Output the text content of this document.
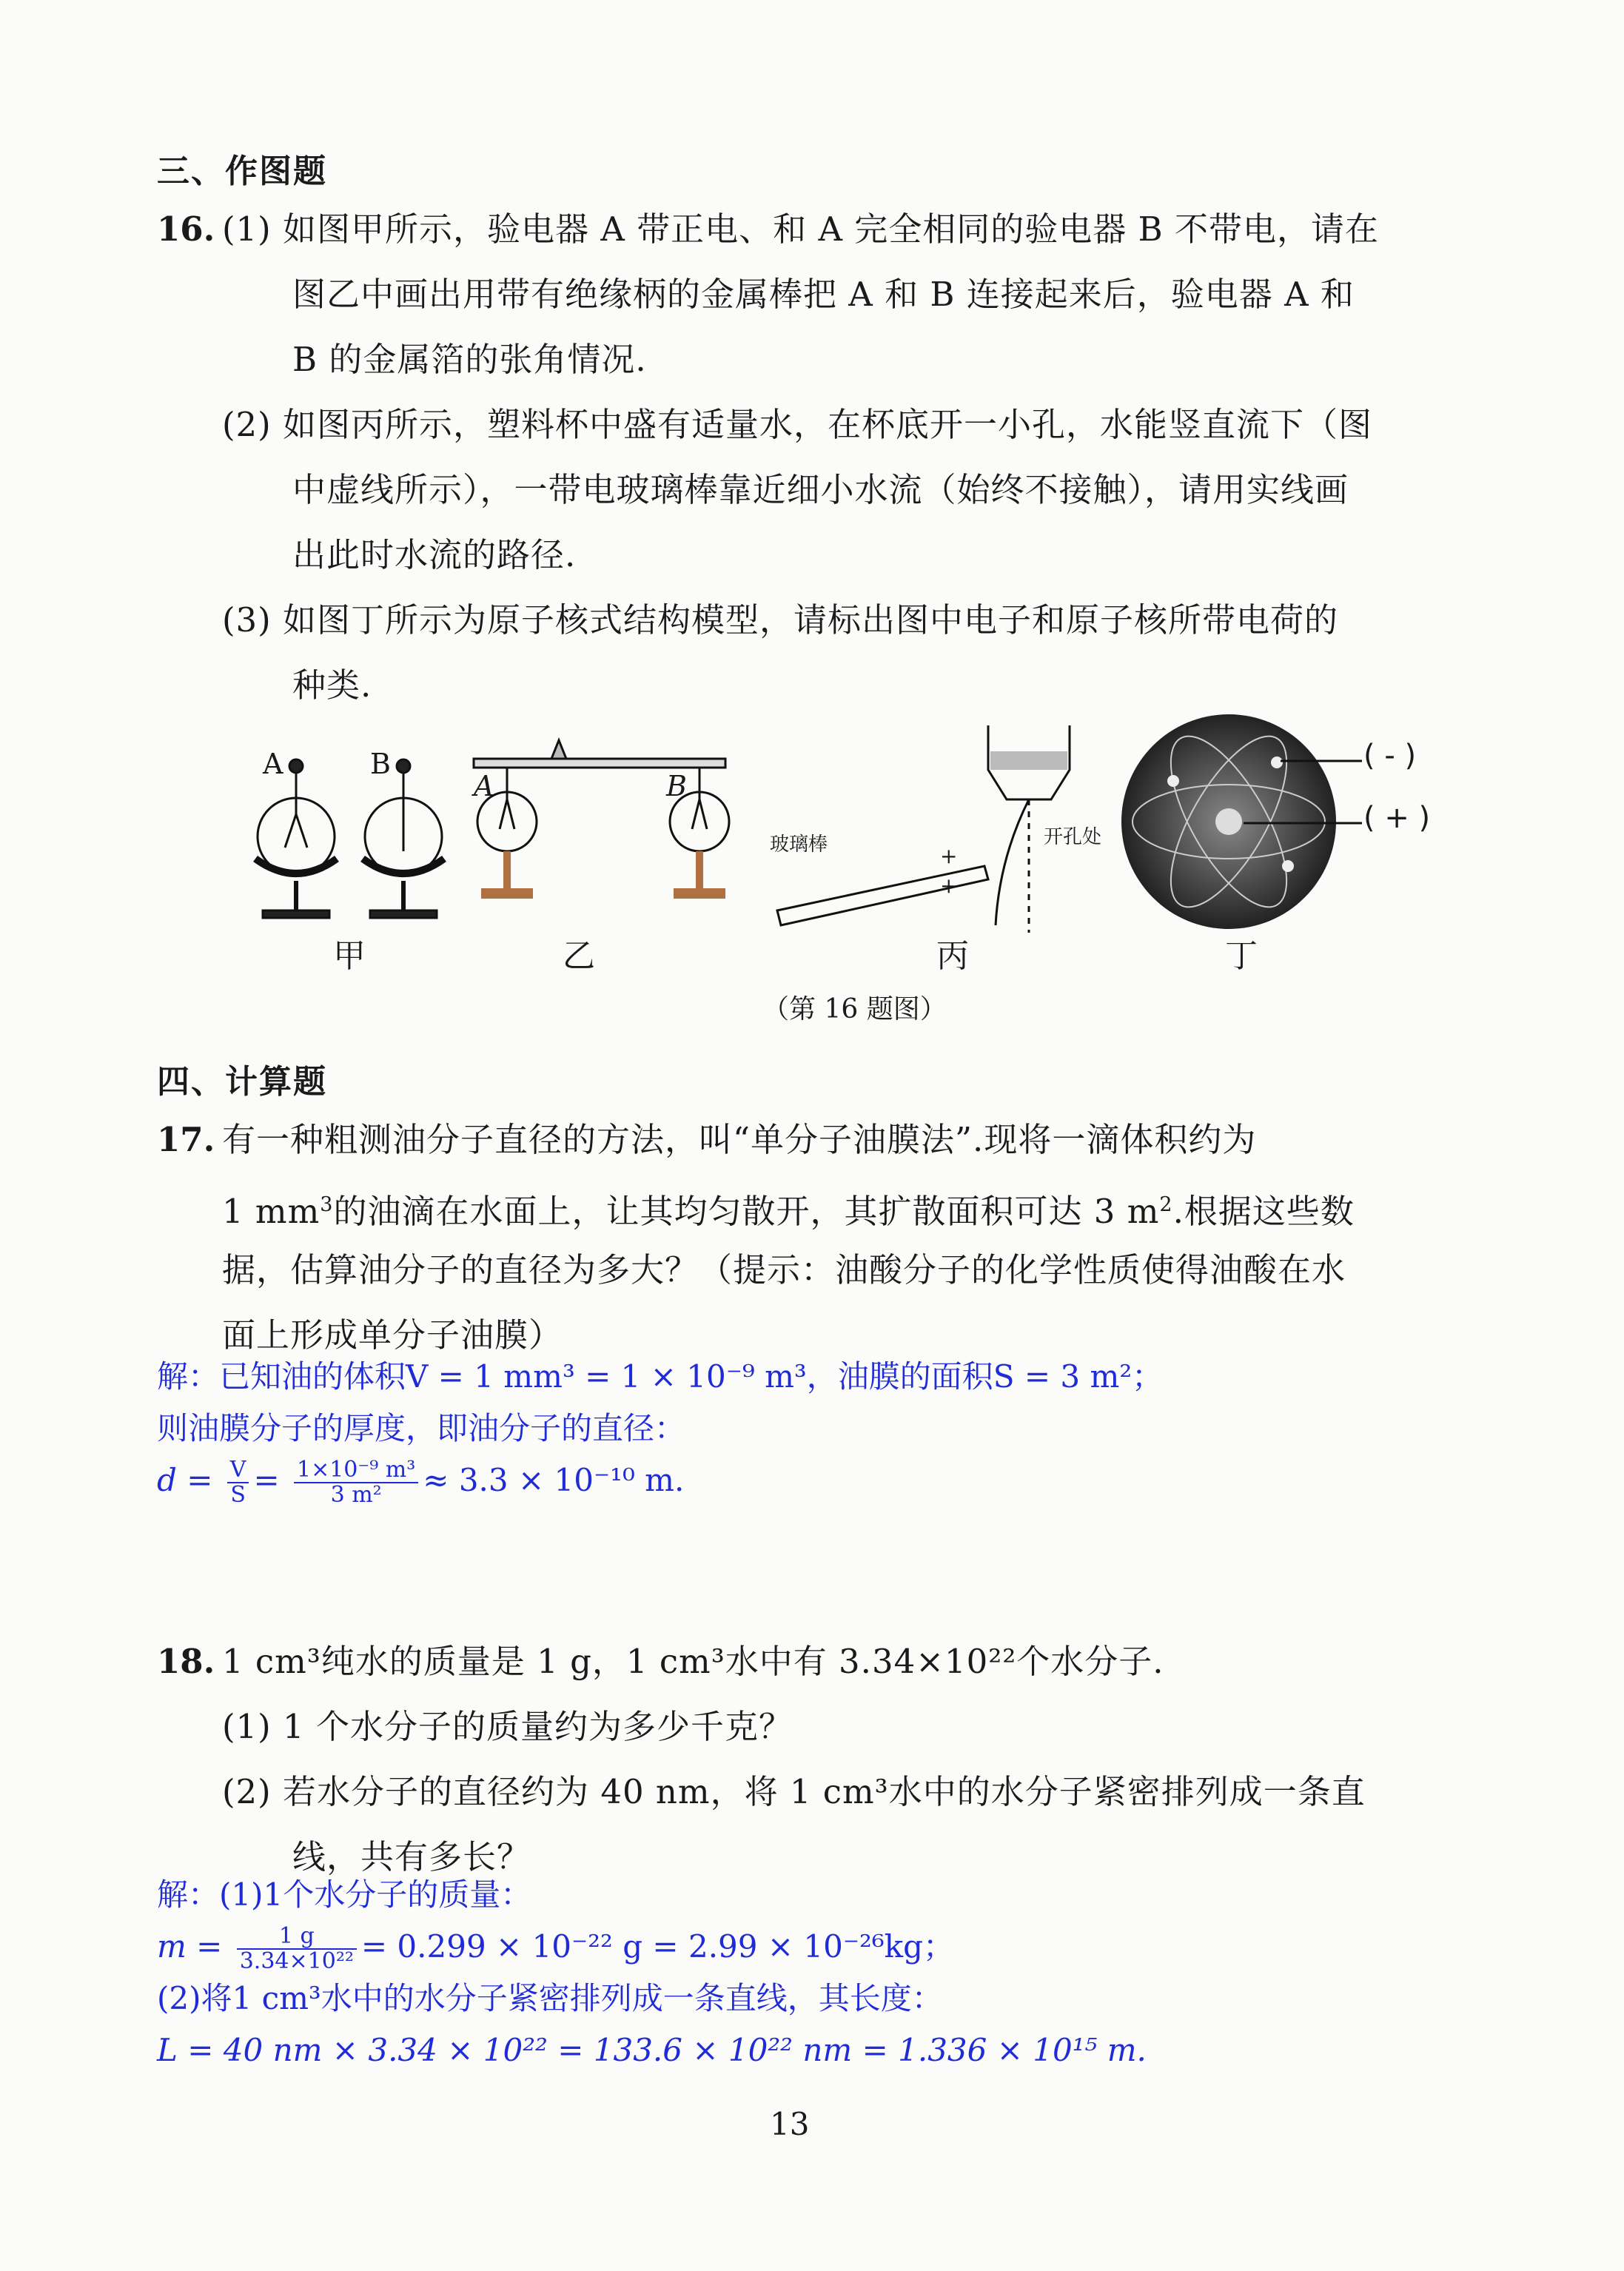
三、作图题
16. (1) 如图甲所示，验电器 A 带正电、和 A 完全相同的验电器 B 不带电，请在
图乙中画出用带有绝缘柄的金属棒把 A 和 B 连接起来后，验电器 A 和
B 的金属箔的张角情况.
(2) 如图丙所示，塑料杯中盛有适量水，在杯底开一小孔，水能竖直流下（图
中虚线所示），一带电玻璃棒靠近细小水流（始终不接触），请用实线画
出此时水流的路径.
(3) 如图丁所示为原子核式结构模型，请标出图中电子和原子核所带电荷的
种类.
A	B
A	B
玻璃棒	开孔处
+
+
( - )
( + )
甲	乙	丙	丁
（第 16 题图）
四、计算题
17. 有一种粗测油分子直径的方法，叫“单分子油膜法”.现将一滴体积约为
1 $mm^3$的油滴在水面上，让其均匀散开，其扩散面积可达 3 $m^2$.根据这些数
据，估算油分子的直径为多大？（提示：油酸分子的化学性质使得油酸在水
面上形成单分子油膜）
解：已知油的体积V = 1 mm³ = 1 × 10⁻⁹ m³，油膜的面积S = 3 m²；
则油膜分子的厚度，即油分子的直径：
$d = \frac{V}{S} = \frac{\text{1×10⁻⁹ m³}}{\text{3 m²}} \approx 3.3 \times 10^{-10}$ m.
18. 1 cm³纯水的质量是 1 g，1 cm³水中有 3.34×10²²个水分子.
(1) 1 个水分子的质量约为多少千克？
(2) 若水分子的直径约为 40 nm，将 1 cm³水中的水分子紧密排列成一条直
线，共有多长？
解：(1)1个水分子的质量：
$m = \frac{1 g}{\text{3.34×10²²}} = 0.299 \times 10^{-22}$ g = 2.99 × 10⁻²⁶kg；
(2)将1 cm³水中的水分子紧密排列成一条直线，其长度：
L = 40 nm × 3.34 × 10²² = 133.6 × 10²² nm = 1.336 × 10¹⁵ m.
13
